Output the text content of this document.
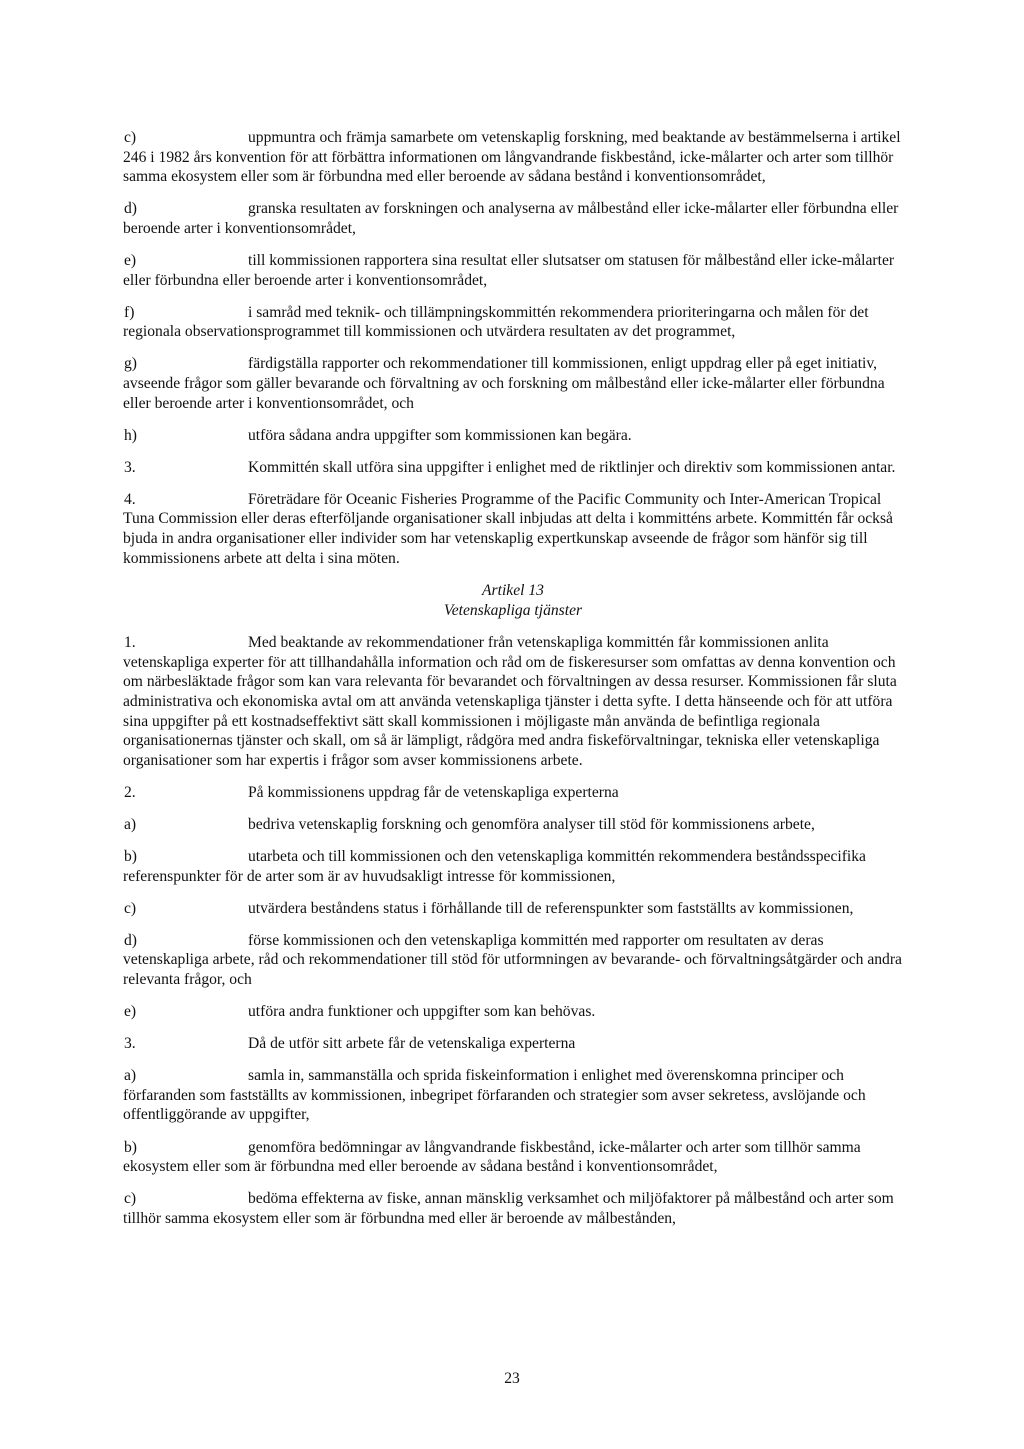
c)	uppmuntra och främja samarbete om vetenskaplig forskning, med beaktande av bestämmelserna i artikel 246 i 1982 års konvention för att förbättra informationen om långvandrande fiskbestånd, icke-målarter och arter som tillhör samma ekosystem eller som är förbundna med eller beroende av sådana bestånd i konventionsområdet,

d)	granska resultaten av forskningen och analyserna av målbestånd eller icke-målarter eller förbundna eller beroende arter i konventionsområdet,

e)	till kommissionen rapportera sina resultat eller slutsatser om statusen för målbestånd eller icke-målarter eller förbundna eller beroende arter i konventionsområdet,

f)	i samråd med teknik- och tillämpningskommittén rekommendera prioriteringarna och målen för det regionala observationsprogrammet till kommissionen och utvärdera resultaten av det programmet,

g)	färdigställa rapporter och rekommendationer till kommissionen, enligt uppdrag eller på eget initiativ, avseende frågor som gäller bevarande och förvaltning av och forskning om målbestånd eller icke-målarter eller förbundna eller beroende arter i konventionsområdet, och

h)	utföra sådana andra uppgifter som kommissionen kan begära.

3.	Kommittén skall utföra sina uppgifter i enlighet med de riktlinjer och direktiv som kommissionen antar.

4.	Företrädare för Oceanic Fisheries Programme of the Pacific Community och Inter-American Tropical Tuna Commission eller deras efterföljande organisationer skall inbjudas att delta i kommitténs arbete. Kommittén får också bjuda in andra organisationer eller individer som har vetenskaplig expertkunskap avseende de frågor som hänför sig till kommissionens arbete att delta i sina möten.

Artikel 13
Vetenskapliga tjänster

1.	Med beaktande av rekommendationer från vetenskapliga kommittén får kommissionen anlita vetenskapliga experter för att tillhandahålla information och råd om de fiskeresurser som omfattas av denna konvention och om närbesläktade frågor som kan vara relevanta för bevarandet och förvaltningen av dessa resurser. Kommissionen får sluta administrativa och ekonomiska avtal om att använda vetenskapliga tjänster i detta syfte. I detta hänseende och för att utföra sina uppgifter på ett kostnadseffektivt sätt skall kommissionen i möjligaste mån använda de befintliga regionala organisationernas tjänster och skall, om så är lämpligt, rådgöra med andra fiskeförvaltningar, tekniska eller vetenskapliga organisationer som har expertis i frågor som avser kommissionens arbete.

2.	På kommissionens uppdrag får de vetenskapliga experterna

a)	bedriva vetenskaplig forskning och genomföra analyser till stöd för kommissionens arbete,

b)	utarbeta och till kommissionen och den vetenskapliga kommittén rekommendera beståndsspecifika referenspunkter för de arter som är av huvudsakligt intresse för kommissionen,

c)	utvärdera beståndens status i förhållande till de referenspunkter som fastställts av kommissionen,

d)	förse kommissionen och den vetenskapliga kommittén med rapporter om resultaten av deras vetenskapliga arbete, råd och rekommendationer till stöd för utformningen av bevarande- och förvaltningsåtgärder och andra relevanta frågor, och

e)	utföra andra funktioner och uppgifter som kan behövas.

3.	Då de utför sitt arbete får de vetenskaliga experterna

a)	samla in, sammanställa och sprida fiskeinformation i enlighet med överenskomna principer och förfaranden som fastställts av kommissionen, inbegripet förfaranden och strategier som avser sekretess, avslöjande och offentliggörande av uppgifter,

b)	genomföra bedömningar av långvandrande fiskbestånd, icke-målarter och arter som tillhör samma ekosystem eller som är förbundna med eller beroende av sådana bestånd i konventionsområdet,

c)	bedöma effekterna av fiske, annan mänsklig verksamhet och miljöfaktorer på målbestånd och arter som tillhör samma ekosystem eller som är förbundna med eller är beroende av målbestånden,

23
